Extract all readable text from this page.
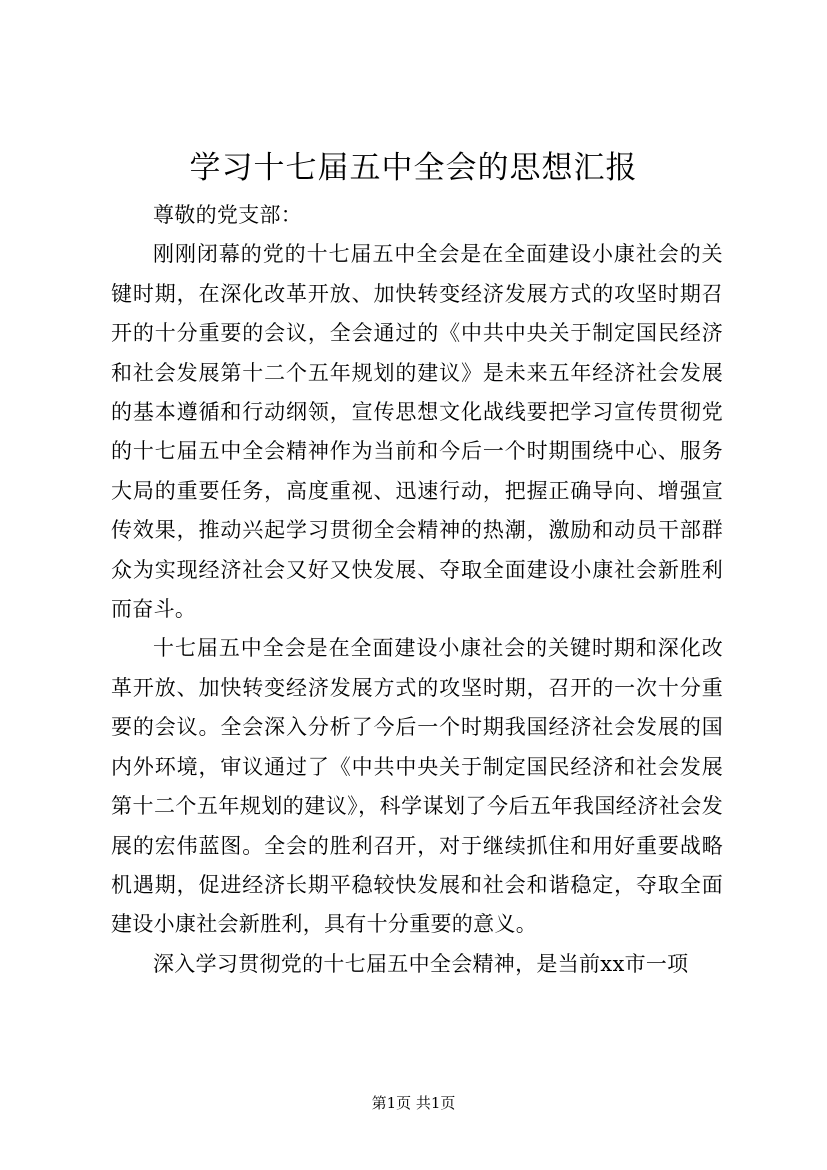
学习十七届五中全会的思想汇报

尊敬的党支部：

刚刚闭幕的党的十七届五中全会是在全面建设小康社会的关键时期，在深化改革开放、加快转变经济发展方式的攻坚时期召开的十分重要的会议，全会通过的《中共中央关于制定国民经济和社会发展第十二个五年规划的建议》是未来五年经济社会发展的基本遵循和行动纲领，宣传思想文化战线要把学习宣传贯彻党的十七届五中全会精神作为当前和今后一个时期围绕中心、服务大局的重要任务，高度重视、迅速行动，把握正确导向、增强宣传效果，推动兴起学习贯彻全会精神的热潮，激励和动员干部群众为实现经济社会又好又快发展、夺取全面建设小康社会新胜利而奋斗。

十七届五中全会是在全面建设小康社会的关键时期和深化改革开放、加快转变经济发展方式的攻坚时期，召开的一次十分重要的会议。全会深入分析了今后一个时期我国经济社会发展的国内外环境，审议通过了《中共中央关于制定国民经济和社会发展第十二个五年规划的建议》，科学谋划了今后五年我国经济社会发展的宏伟蓝图。全会的胜利召开，对于继续抓住和用好重要战略机遇期，促进经济长期平稳较快发展和社会和谐稳定，夺取全面建设小康社会新胜利，具有十分重要的意义。

深入学习贯彻党的十七届五中全会精神，是当前xx市一项

第1页 共1页
